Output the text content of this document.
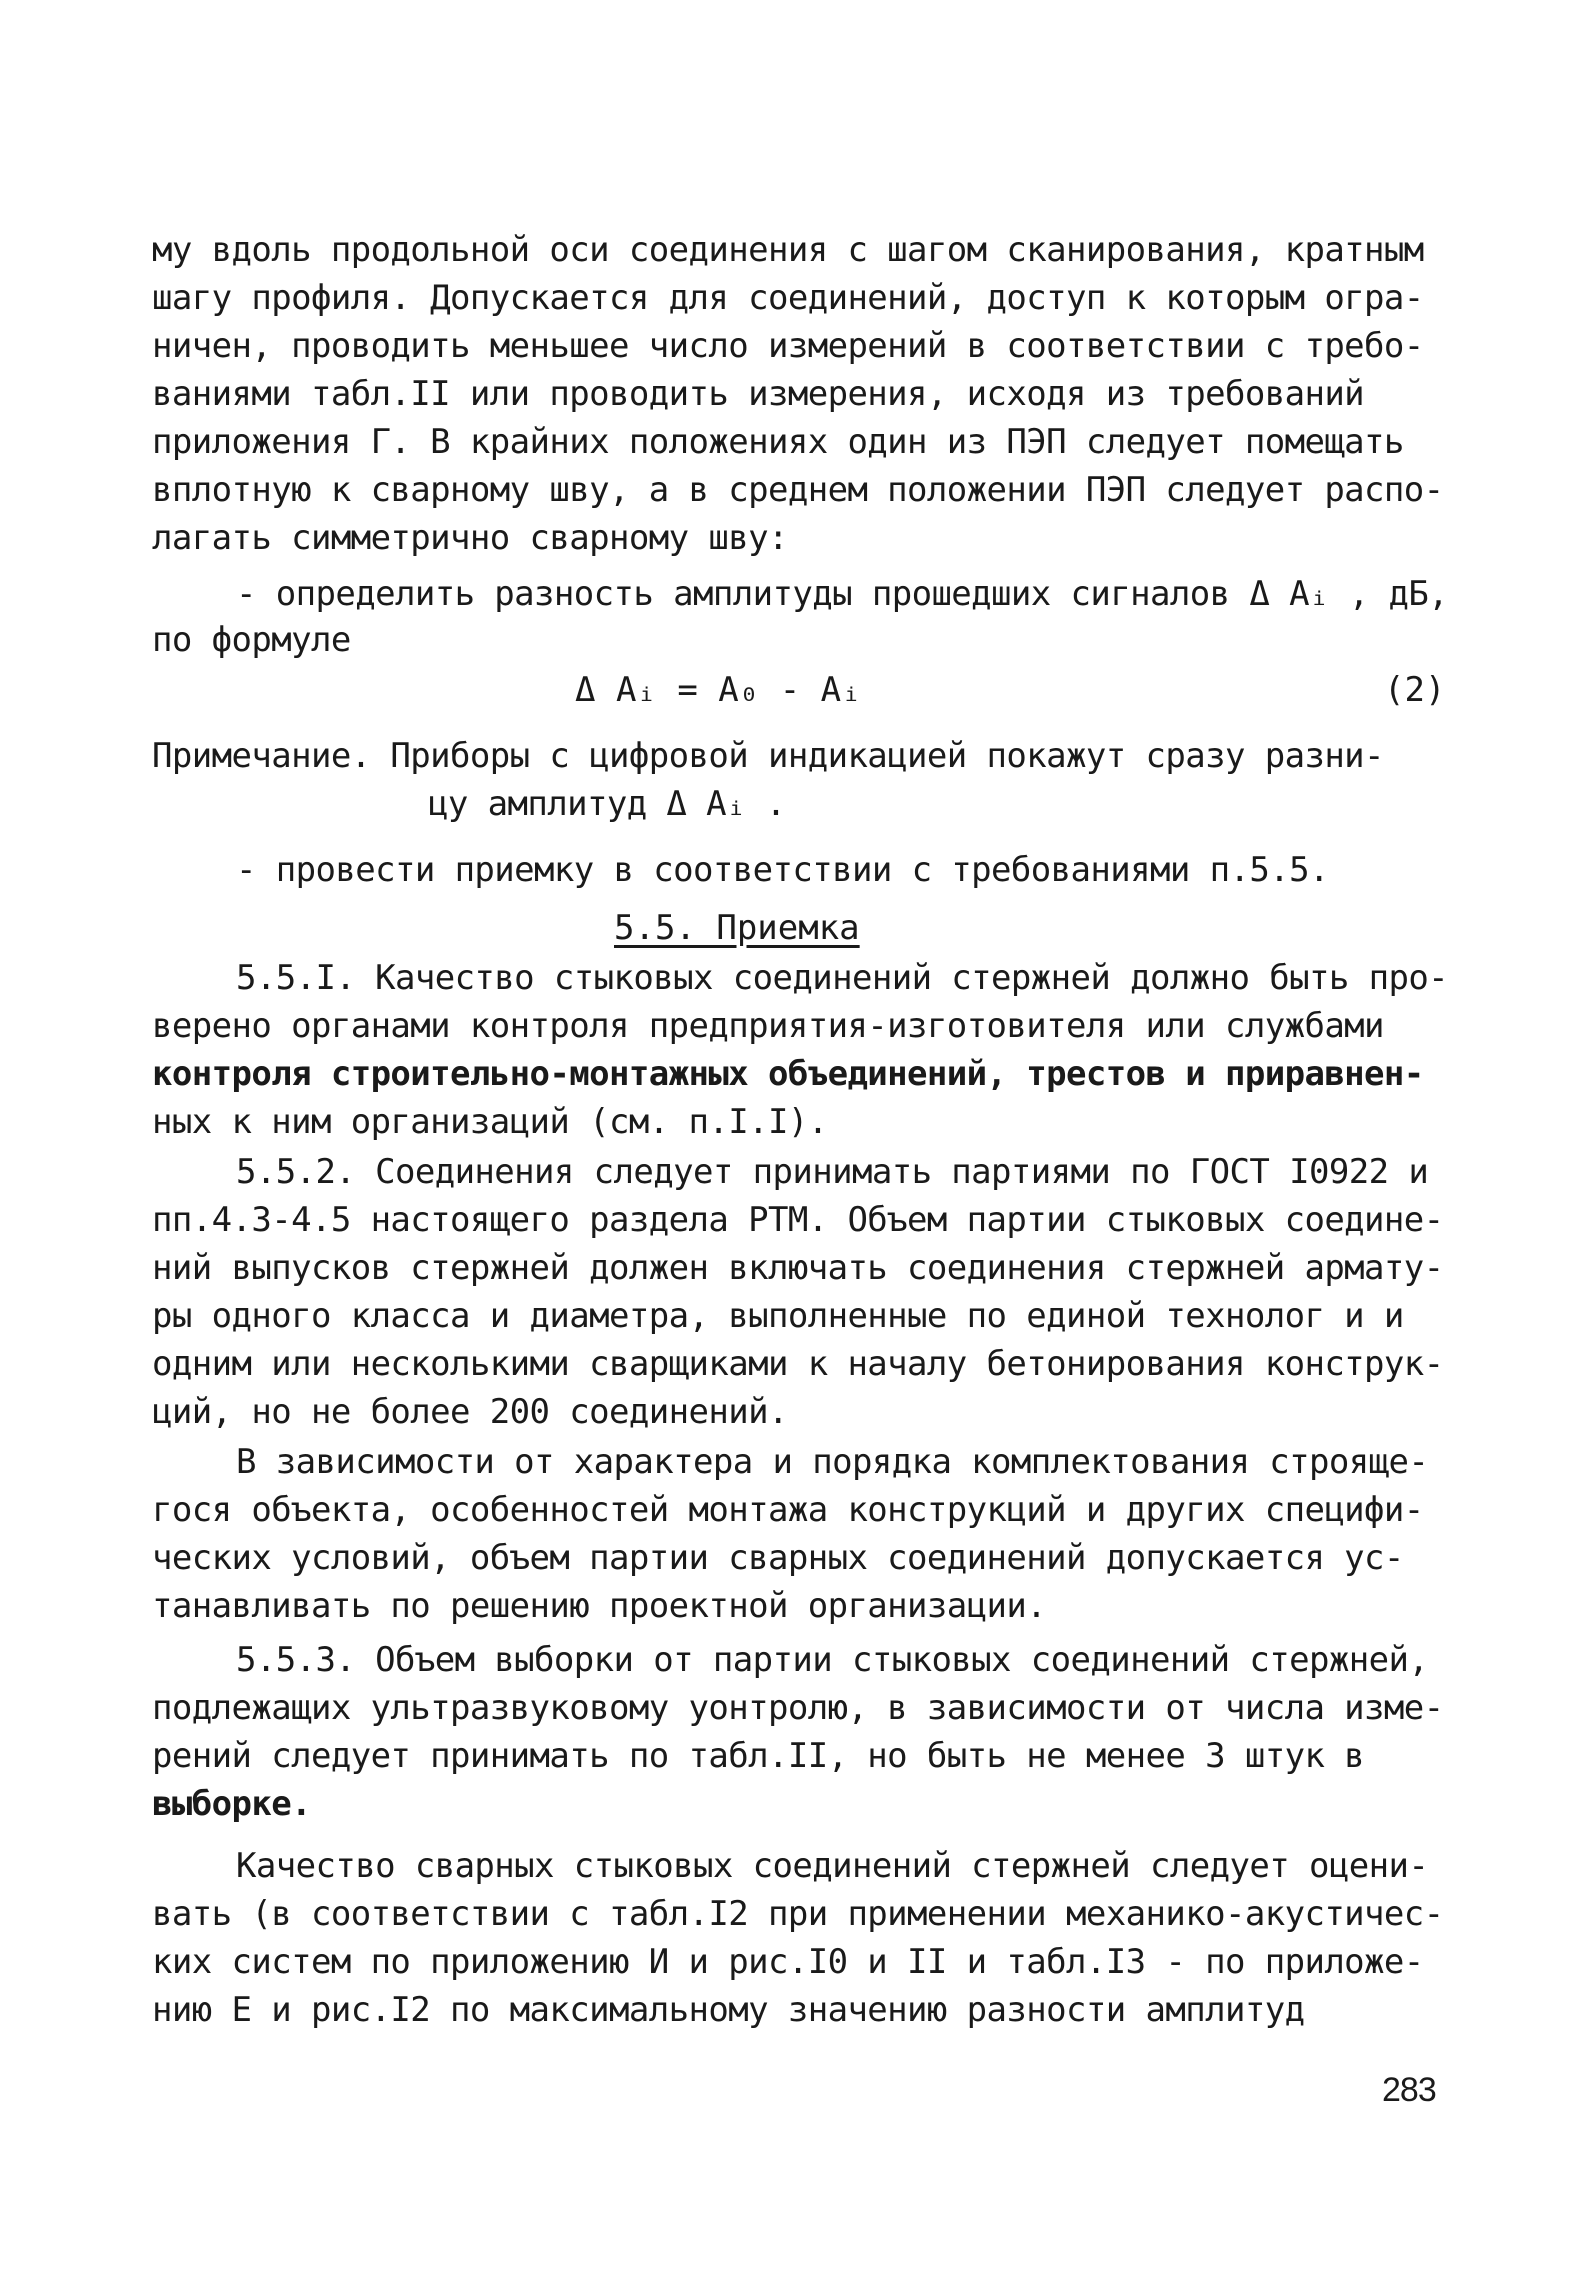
му вдоль продольной оси соединения с шагом сканирования, кратным
шагу профиля. Допускается для соединений, доступ к которым огра-
ничен, проводить меньшее число измерений в соответствии с требо-
ваниями табл.II или проводить измерения, исходя из требований
приложения Г. В крайних положениях один из ПЭП следует помещать
вплотную к сварному шву, а в среднем положении ПЭП следует распо-
лагать симметрично сварному шву:
- определить разность амплитуды прошедших сигналов Δ Aᵢ , дБ,
по формуле
Δ Aᵢ = A₀ - Aᵢ	(2)
Примечание. Приборы с цифровой индикацией покажут сразу разни-
цу амплитуд Δ Aᵢ .
- провести приемку в соответствии с требованиями п.5.5.
5.5. Приемка
5.5.I. Качество стыковых соединений стержней должно быть про-
верено органами контроля предприятия-изготовителя или службами
контроля строительно-монтажных объединений, трестов и приравнен-
ных к ним организаций (см. п.I.I).
5.5.2. Соединения следует принимать партиями по ГОСТ I0922 и
пп.4.3-4.5 настоящего раздела РТМ. Объем партии стыковых соедине-
ний выпусков стержней должен включать соединения стержней армату-
ры одного класса и диаметра, выполненные по единой технолог и и
одним или несколькими сварщиками к началу бетонирования конструк-
ций, но не более 200 соединений.
В зависимости от характера и порядка комплектования строяще-
гося объекта, особенностей монтажа конструкций и других специфи-
ческих условий, объем партии сварных соединений допускается ус-
танавливать по решению проектной организации.
5.5.3. Объем выборки от партии стыковых соединений стержней,
подлежащих ультразвуковому уонтролю, в зависимости от числа изме-
рений следует принимать по табл.II, но быть не менее 3 штук в
выборке.
Качество сварных стыковых соединений стержней следует оцени-
вать (в соответствии с табл.I2 при применении механико-акустичес-
ких систем по приложению И и рис.I0 и II и табл.I3 - по приложе-
нию Е и рис.I2 по максимальному значению разности амплитуд
283
